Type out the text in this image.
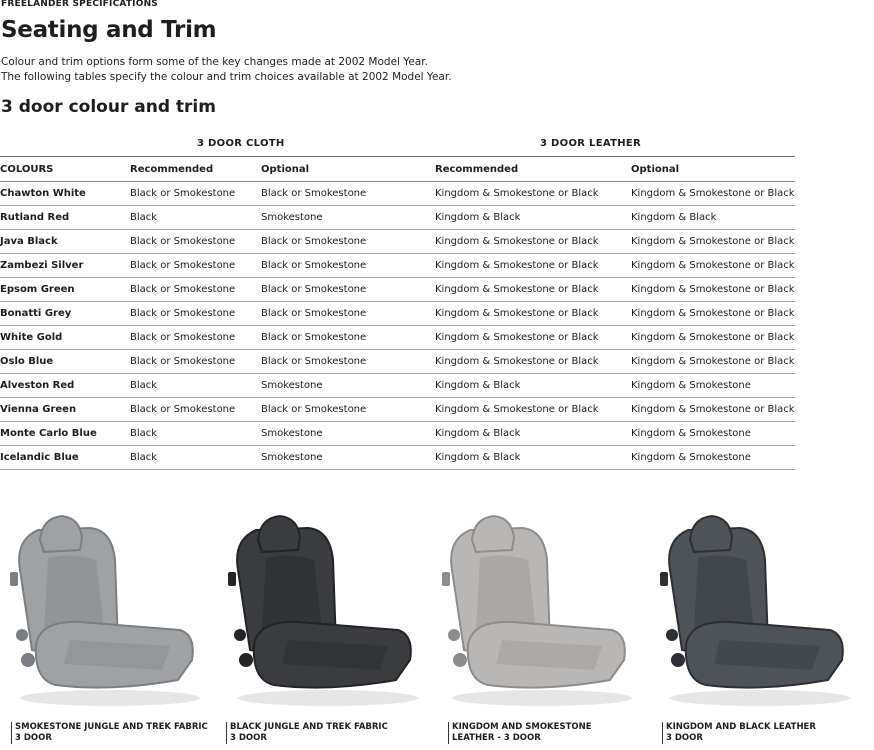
FREELANDER SPECIFICATIONS
Seating and Trim
Colour and trim options form some of the key changes made at 2002 Model Year.
The following tables specify the colour and trim choices available at 2002 Model Year.
3 door colour and trim
3 DOOR CLOTH	3 DOOR LEATHER
COLOURS	Recommended	Optional	Recommended	Optional
Chawton White	Black or Smokestone	Black or Smokestone	Kingdom & Smokestone or Black	Kingdom & Smokestone or Black
Rutland Red	Black	Smokestone	Kingdom & Black	Kingdom & Black
Java Black	Black or Smokestone	Black or Smokestone	Kingdom & Smokestone or Black	Kingdom & Smokestone or Black
Zambezi Silver	Black or Smokestone	Black or Smokestone	Kingdom & Smokestone or Black	Kingdom & Smokestone or Black
Epsom Green	Black or Smokestone	Black or Smokestone	Kingdom & Smokestone or Black	Kingdom & Smokestone or Black
Bonatti Grey	Black or Smokestone	Black or Smokestone	Kingdom & Smokestone or Black	Kingdom & Smokestone or Black
White Gold	Black or Smokestone	Black or Smokestone	Kingdom & Smokestone or Black	Kingdom & Smokestone or Black
Oslo Blue	Black or Smokestone	Black or Smokestone	Kingdom & Smokestone or Black	Kingdom & Smokestone or Black
Alveston Red	Black	Smokestone	Kingdom & Black	Kingdom & Smokestone
Vienna Green	Black or Smokestone	Black or Smokestone	Kingdom & Smokestone or Black	Kingdom & Smokestone or Black
Monte Carlo Blue	Black	Smokestone	Kingdom & Black	Kingdom & Smokestone
Icelandic Blue	Black	Smokestone	Kingdom & Black	Kingdom & Smokestone
SMOKESTONE JUNGLE AND TREK FABRIC
3 DOOR
BLACK JUNGLE AND TREK FABRIC
3 DOOR
KINGDOM AND SMOKESTONE
LEATHER - 3 DOOR
KINGDOM AND BLACK LEATHER
3 DOOR
